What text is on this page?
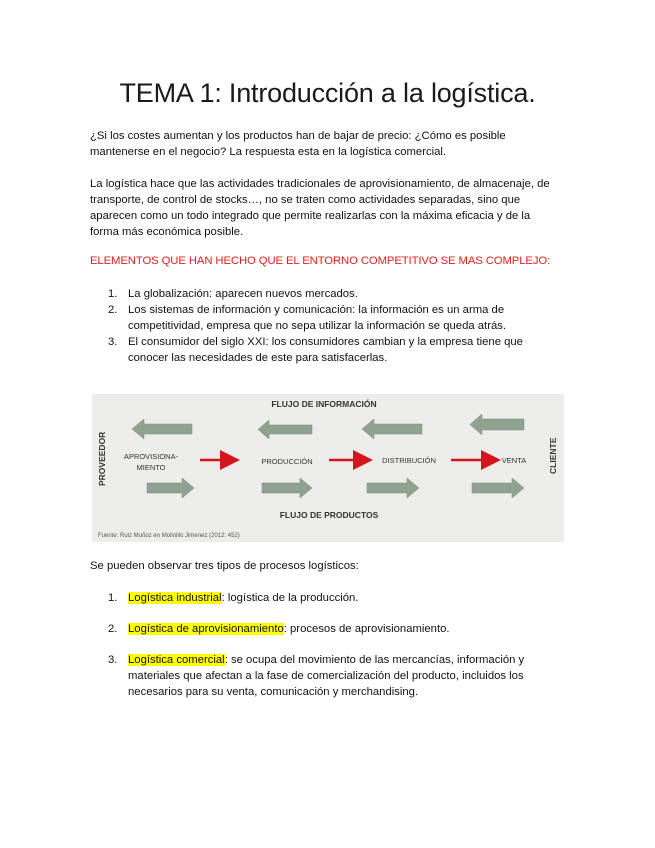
TEMA 1: Introducción a la logística.
¿Si los costes aumentan y los productos han de bajar de precio: ¿Cómo es posible mantenerse en el negocio? La respuesta esta en la logística comercial.
La logística hace que las actividades tradicionales de aprovisionamiento, de almacenaje, de transporte, de control de stocks…, no se traten como actividades separadas, sino que aparecen como un todo integrado que permite realizarlas con la máxima eficacia y de la forma más económica posible.
ELEMENTOS QUE HAN HECHO QUE EL ENTORNO COMPETITIVO SE MAS COMPLEJO:
1. La globalización: aparecen nuevos mercados.
2. Los sistemas de información y comunicación: la información es un arma de competitividad, empresa que no sepa utilizar la información se queda atrás.
3. El consumidor del siglo XXI: los consumidores cambian y la empresa tiene que conocer las necesidades de este para satisfacerlas.
FLUJO DE INFORMACIÓN
PROVEEDOR	CLIENTE
APROVISIONA-
MIENTO
PRODUCCIÓN	DISTRIBUCIÓN	VENTA
FLUJO DE PRODUCTOS
Fuente: Ruiz Muñoz en Molinillo Jimenez (2012: 452)
Se pueden observar tres tipos de procesos logísticos:
1. Logística industrial: logística de la producción.
2. Logística de aprovisionamiento: procesos de aprovisionamiento.
3. Logística comercial: se ocupa del movimiento de las mercancías, información y materiales que afectan a la fase de comercialización del producto, incluidos los necesarios para su venta, comunicación y merchandising.
